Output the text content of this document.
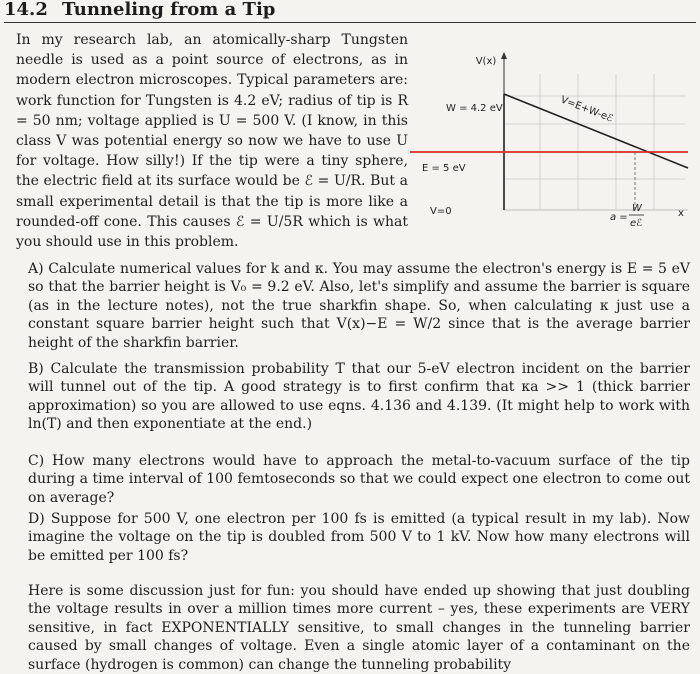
14.2 Tunneling from a Tip

In my research lab, an atomically-sharp Tungsten needle is used as a point source of electrons, as in modern electron microscopes. Typical parameters are: work function for Tungsten is 4.2 eV; radius of tip is R = 50 nm; voltage applied is U = 500 V. (I know, in this class V was potential energy so now we have to use U for voltage. How silly!) If the tip were a tiny sphere, the electric field at its surface would be ℰ = U/R. But a small experimental detail is that the tip is more like a rounded-off cone. This causes ℰ = U/5R which is what you should use in this problem.

V(x)
W = 4.2 eV
E = 5 eV
V=0
V=E+W-eℰ
x
a =
W
eℰ
A) Calculate numerical values for k and κ. You may assume the electron's energy is E = 5 eV so that the barrier height is V₀ = 9.2 eV. Also, let's simplify and assume the barrier is square (as in the lecture notes), not the true sharkfin shape. So, when calculating κ just use a constant square barrier height such that V(x)−E = W/2 since that is the average barrier height of the sharkfin barrier.
B) Calculate the transmission probability T that our 5-eV electron incident on the barrier will tunnel out of the tip. A good strategy is to first confirm that κa >> 1 (thick barrier approximation) so you are allowed to use eqns. 4.136 and 4.139. (It might help to work with ln(T) and then exponentiate at the end.)
C) How many electrons would have to approach the metal-to-vacuum surface of the tip during a time interval of 100 femtoseconds so that we could expect one electron to come out on average?
D) Suppose for 500 V, one electron per 100 fs is emitted (a typical result in my lab). Now imagine the voltage on the tip is doubled from 500 V to 1 kV. Now how many electrons will be emitted per 100 fs?
Here is some discussion just for fun: you should have ended up showing that just doubling the voltage results in over a million times more current – yes, these experiments are VERY sensitive, in fact EXPONENTIALLY sensitive, to small changes in the tunneling barrier caused by small changes of voltage. Even a single atomic layer of a contaminant on the surface (hydrogen is common) can change the tunneling probability
